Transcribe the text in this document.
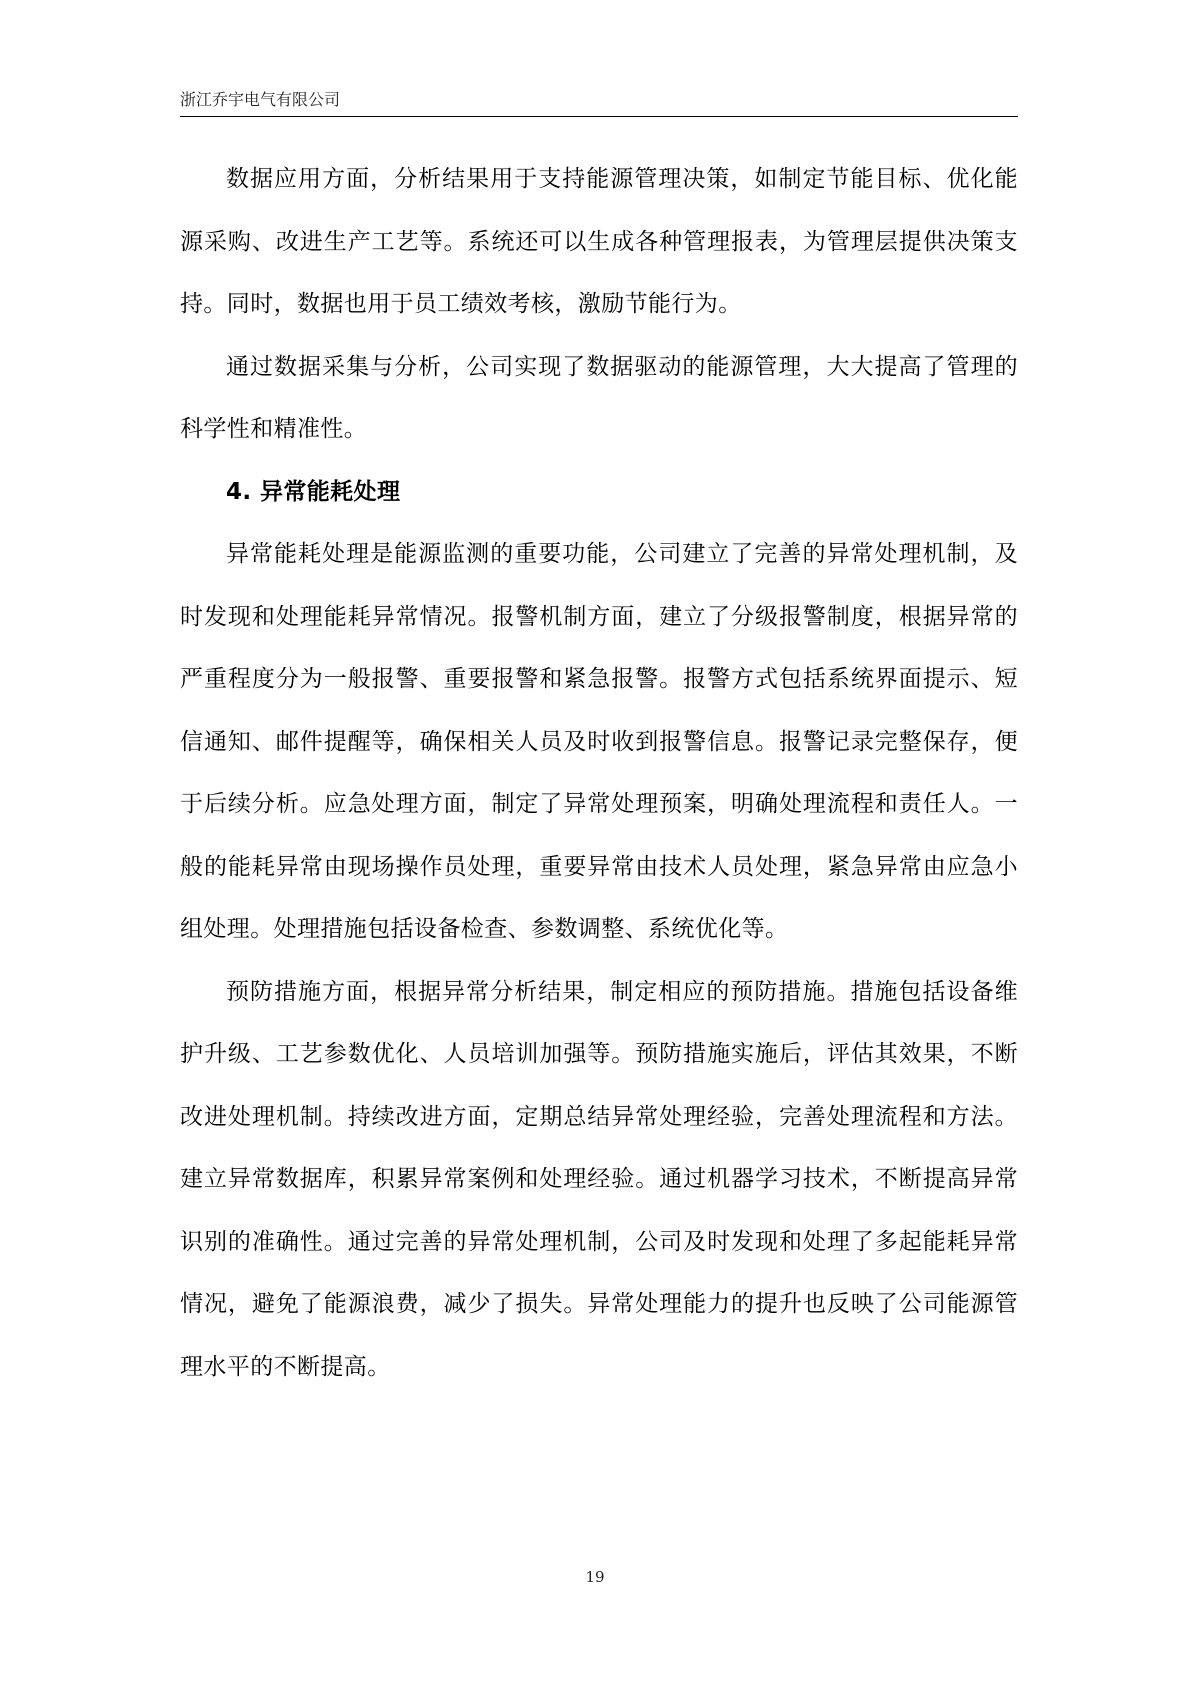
浙江乔宇电气有限公司

数据应用方面，分析结果用于支持能源管理决策，如制定节能目标、优化能源采购、改进生产工艺等。系统还可以生成各种管理报表，为管理层提供决策支持。同时，数据也用于员工绩效考核，激励节能行为。

通过数据采集与分析，公司实现了数据驱动的能源管理，大大提高了管理的科学性和精准性。

4. 异常能耗处理

异常能耗处理是能源监测的重要功能，公司建立了完善的异常处理机制，及时发现和处理能耗异常情况。报警机制方面，建立了分级报警制度，根据异常的严重程度分为一般报警、重要报警和紧急报警。报警方式包括系统界面提示、短信通知、邮件提醒等，确保相关人员及时收到报警信息。报警记录完整保存，便于后续分析。应急处理方面，制定了异常处理预案，明确处理流程和责任人。一般的能耗异常由现场操作员处理，重要异常由技术人员处理，紧急异常由应急小组处理。处理措施包括设备检查、参数调整、系统优化等。

预防措施方面，根据异常分析结果，制定相应的预防措施。措施包括设备维护升级、工艺参数优化、人员培训加强等。预防措施实施后，评估其效果，不断改进处理机制。持续改进方面，定期总结异常处理经验，完善处理流程和方法。建立异常数据库，积累异常案例和处理经验。通过机器学习技术，不断提高异常识别的准确性。通过完善的异常处理机制，公司及时发现和处理了多起能耗异常情况，避免了能源浪费，减少了损失。异常处理能力的提升也反映了公司能源管理水平的不断提高。

19
